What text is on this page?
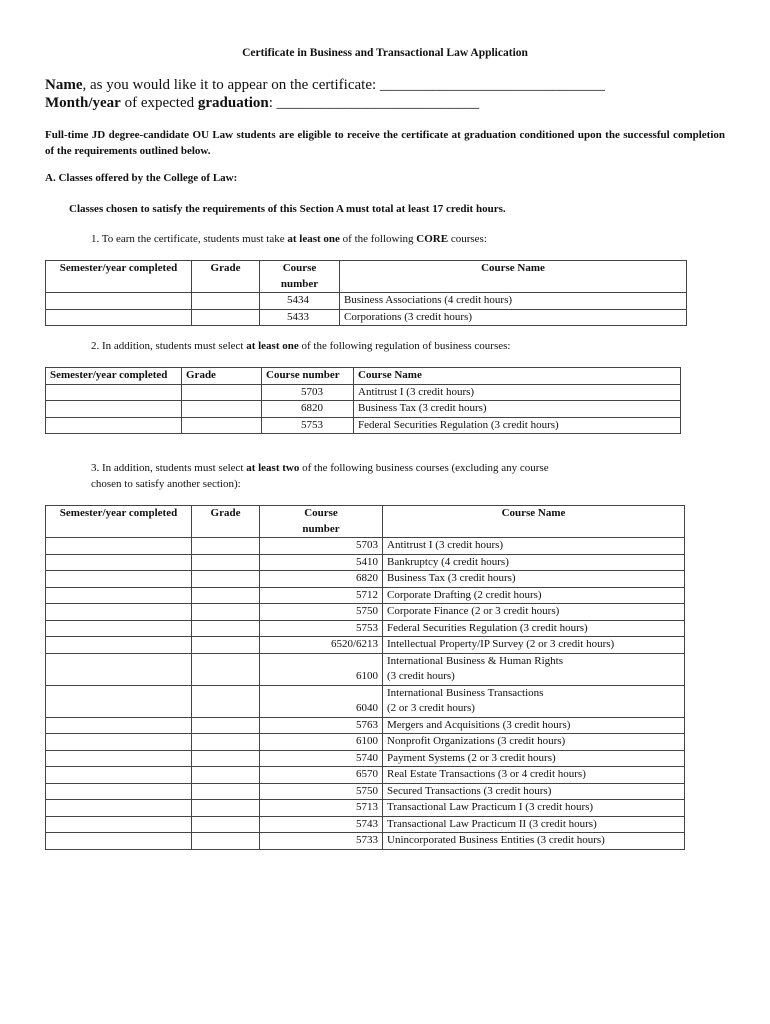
Certificate in Business and Transactional Law Application
Name, as you would like it to appear on the certificate: ______________________________
Month/year of expected graduation: ___________________________
Full-time JD degree-candidate OU Law students are eligible to receive the certificate at graduation conditioned upon the successful completion of the requirements outlined below.
A. Classes offered by the College of Law:
Classes chosen to satisfy the requirements of this Section A must total at least 17 credit hours.
1. To earn the certificate, students must take at least one of the following CORE courses:
Semester/year completed	Grade	Course number	Course Name
		5434	Business Associations (4 credit hours)
		5433	Corporations (3 credit hours)
2. In addition, students must select at least one of the following regulation of business courses:
Semester/year completed	Grade	Course number	Course Name
		5703	Antitrust I (3 credit hours)
		6820	Business Tax (3 credit hours)
		5753	Federal Securities Regulation (3 credit hours)
3. In addition, students must select at least two of the following business courses (excluding any course
chosen to satisfy another section):
Semester/year completed	Grade	Course number	Course Name
		5703	Antitrust I (3 credit hours)
		5410	Bankruptcy (4 credit hours)
		6820	Business Tax (3 credit hours)
		5712	Corporate Drafting (2 credit hours)
		5750	Corporate Finance (2 or 3 credit hours)
		5753	Federal Securities Regulation (3 credit hours)
		6520/6213	Intellectual Property/IP Survey (2 or 3 credit hours)
		6100	International Business & Human Rights
(3 credit hours)
		6040	International Business Transactions
(2 or 3 credit hours)
		5763	Mergers and Acquisitions (3 credit hours)
		6100	Nonprofit Organizations (3 credit hours)
		5740	Payment Systems (2 or 3 credit hours)
		6570	Real Estate Transactions (3 or 4 credit hours)
		5750	Secured Transactions (3 credit hours)
		5713	Transactional Law Practicum I (3 credit hours)
		5743	Transactional Law Practicum II (3 credit hours)
		5733	Unincorporated Business Entities (3 credit hours)
